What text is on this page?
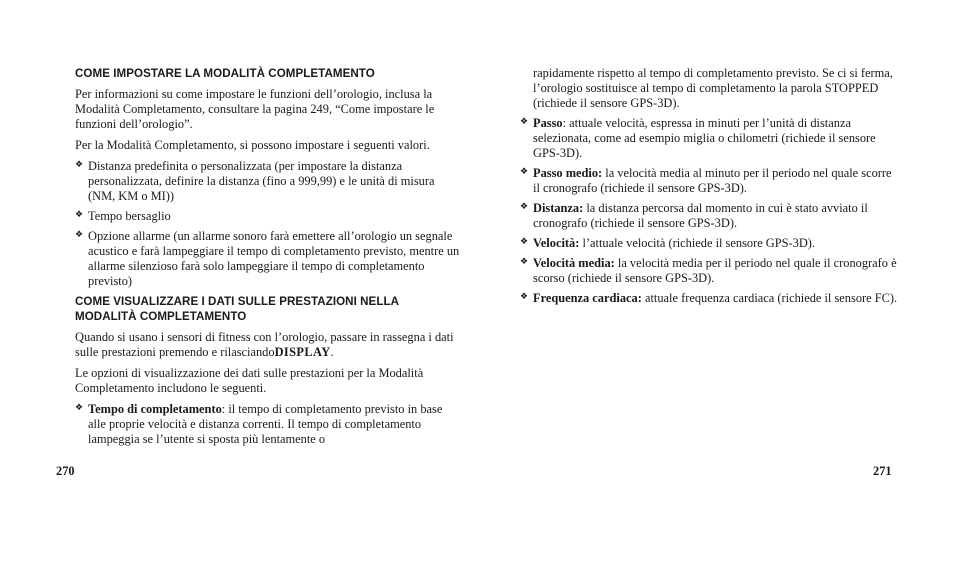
COME IMPOSTARE LA MODALITÀ COMPLETAMENTO

Per informazioni su come impostare le funzioni dell’orologio, inclusa la Modalità Completamento, consultare la pagina 249, “Come impostare le funzioni dell’orologio”.

Per la Modalità Completamento, si possono impostare i seguenti valori.

❖ Distanza predefinita o personalizzata (per impostare la distanza personalizzata, definire la distanza (fino a 999,99) e le unità di misura (NM, KM o MI))
❖ Tempo bersaglio
❖ Opzione allarme (un allarme sonoro farà emettere all’orologio un segnale acustico e farà lampeggiare il tempo di completamento previsto, mentre un allarme silenzioso farà solo lampeggiare il tempo di completamento previsto)
COME VISUALIZZARE I DATI SULLE PRESTAZIONI NELLA MODALITÀ COMPLETAMENTO

Quando si usano i sensori di fitness con l’orologio, passare in rassegna i dati sulle prestazioni premendo e rilasciandoDISPLAY.

Le opzioni di visualizzazione dei dati sulle prestazioni per la Modalità Completamento includono le seguenti.

❖ Tempo di completamento: il tempo di completamento previsto in base alle proprie velocità e distanza correnti. Il tempo di completamento lampeggia se l’utente si sposta più lentamente o
270

rapidamente rispetto al tempo di completamento previsto. Se ci si ferma, l’orologio sostituisce al tempo di completamento la parola STOPPED (richiede il sensore GPS-3D).

❖ Passo: attuale velocità, espressa in minuti per l’unità di distanza selezionata, come ad esempio miglia o chilometri (richiede il sensore GPS-3D).
❖ Passo medio: la velocità media al minuto per il periodo nel quale scorre il cronografo (richiede il sensore GPS-3D).
❖ Distanza: la distanza percorsa dal momento in cui è stato avviato il cronografo (richiede il sensore GPS-3D).
❖ Velocità: l’attuale velocità (richiede il sensore GPS-3D).
❖ Velocità media: la velocità media per il periodo nel quale il cronografo è scorso (richiede il sensore GPS-3D).
❖ Frequenza cardiaca: attuale frequenza cardiaca (richiede il sensore FC).
271
